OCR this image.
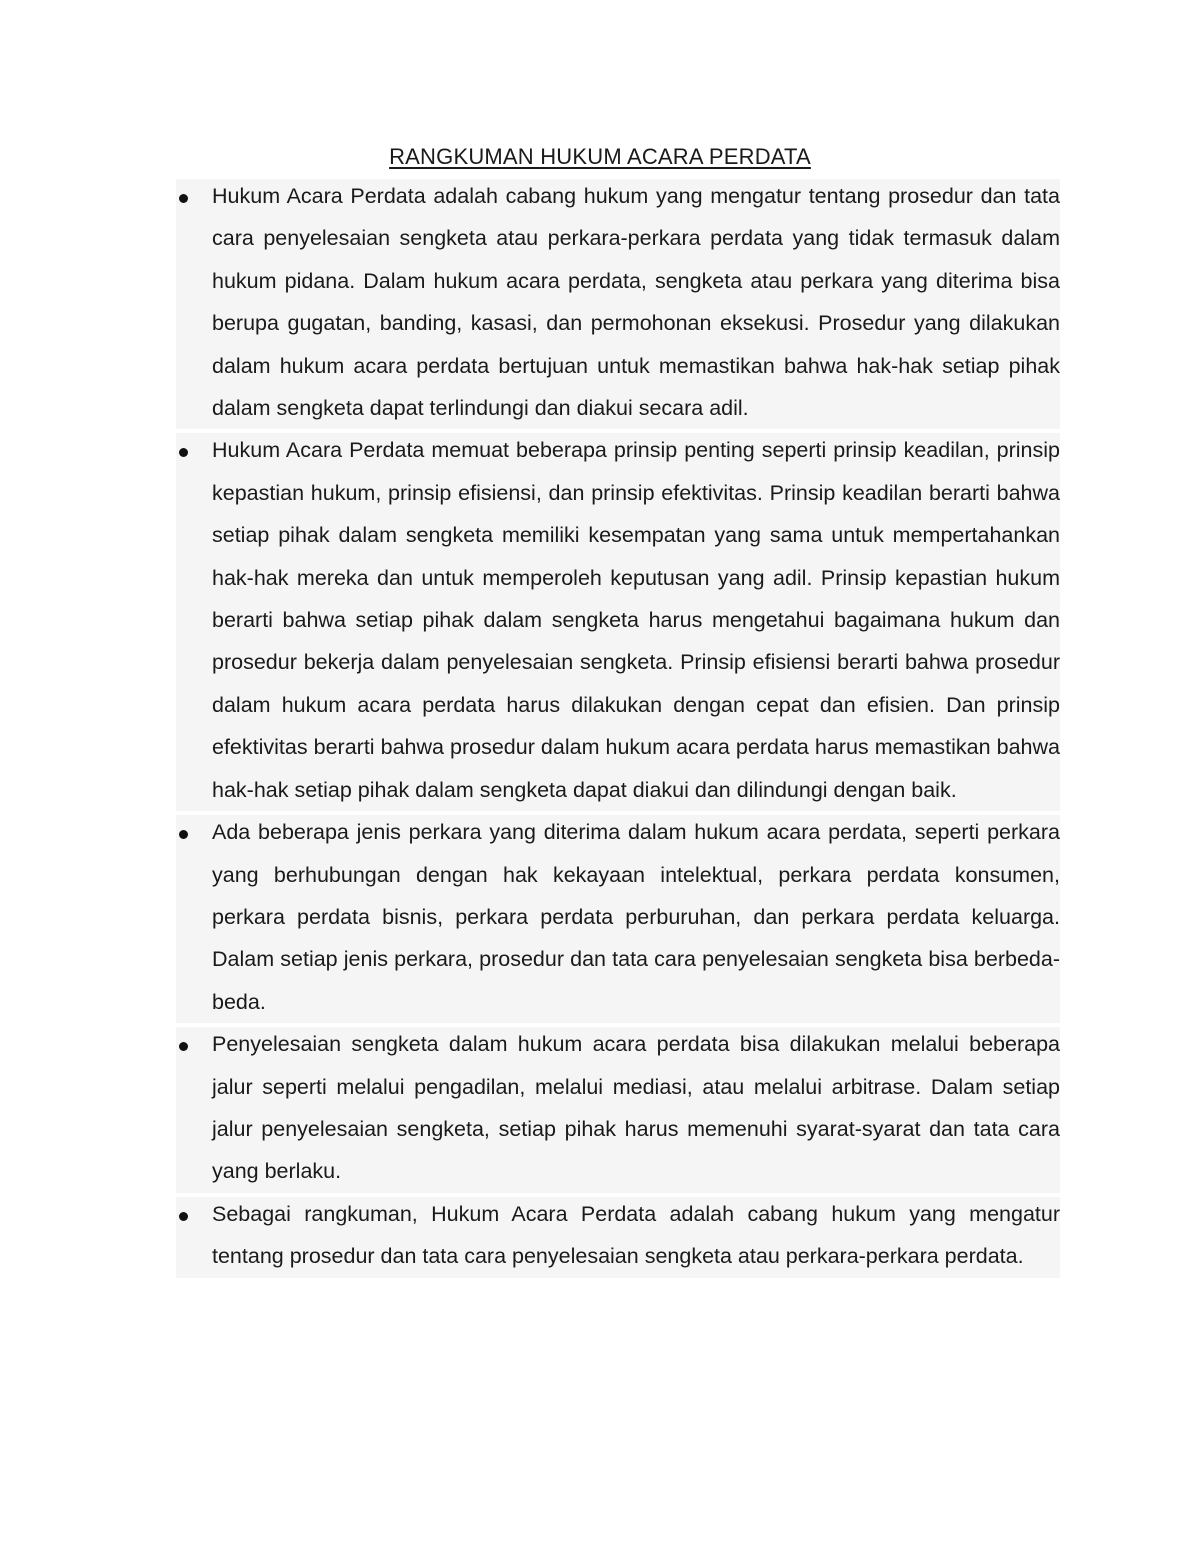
RANGKUMAN HUKUM ACARA PERDATA
Hukum Acara Perdata adalah cabang hukum yang mengatur tentang prosedur dan tata cara penyelesaian sengketa atau perkara-perkara perdata yang tidak termasuk dalam hukum pidana. Dalam hukum acara perdata, sengketa atau perkara yang diterima bisa berupa gugatan, banding, kasasi, dan permohonan eksekusi. Prosedur yang dilakukan dalam hukum acara perdata bertujuan untuk memastikan bahwa hak-hak setiap pihak dalam sengketa dapat terlindungi dan diakui secara adil.
Hukum Acara Perdata memuat beberapa prinsip penting seperti prinsip keadilan, prinsip kepastian hukum, prinsip efisiensi, dan prinsip efektivitas. Prinsip keadilan berarti bahwa setiap pihak dalam sengketa memiliki kesempatan yang sama untuk mempertahankan hak-hak mereka dan untuk memperoleh keputusan yang adil. Prinsip kepastian hukum berarti bahwa setiap pihak dalam sengketa harus mengetahui bagaimana hukum dan prosedur bekerja dalam penyelesaian sengketa. Prinsip efisiensi berarti bahwa prosedur dalam hukum acara perdata harus dilakukan dengan cepat dan efisien. Dan prinsip efektivitas berarti bahwa prosedur dalam hukum acara perdata harus memastikan bahwa hak-hak setiap pihak dalam sengketa dapat diakui dan dilindungi dengan baik.
Ada beberapa jenis perkara yang diterima dalam hukum acara perdata, seperti perkara yang berhubungan dengan hak kekayaan intelektual, perkara perdata konsumen, perkara perdata bisnis, perkara perdata perburuhan, dan perkara perdata keluarga. Dalam setiap jenis perkara, prosedur dan tata cara penyelesaian sengketa bisa berbeda-beda.
Penyelesaian sengketa dalam hukum acara perdata bisa dilakukan melalui beberapa jalur seperti melalui pengadilan, melalui mediasi, atau melalui arbitrase. Dalam setiap jalur penyelesaian sengketa, setiap pihak harus memenuhi syarat-syarat dan tata cara yang berlaku.
Sebagai rangkuman, Hukum Acara Perdata adalah cabang hukum yang mengatur tentang prosedur dan tata cara penyelesaian sengketa atau perkara-perkara perdata.
